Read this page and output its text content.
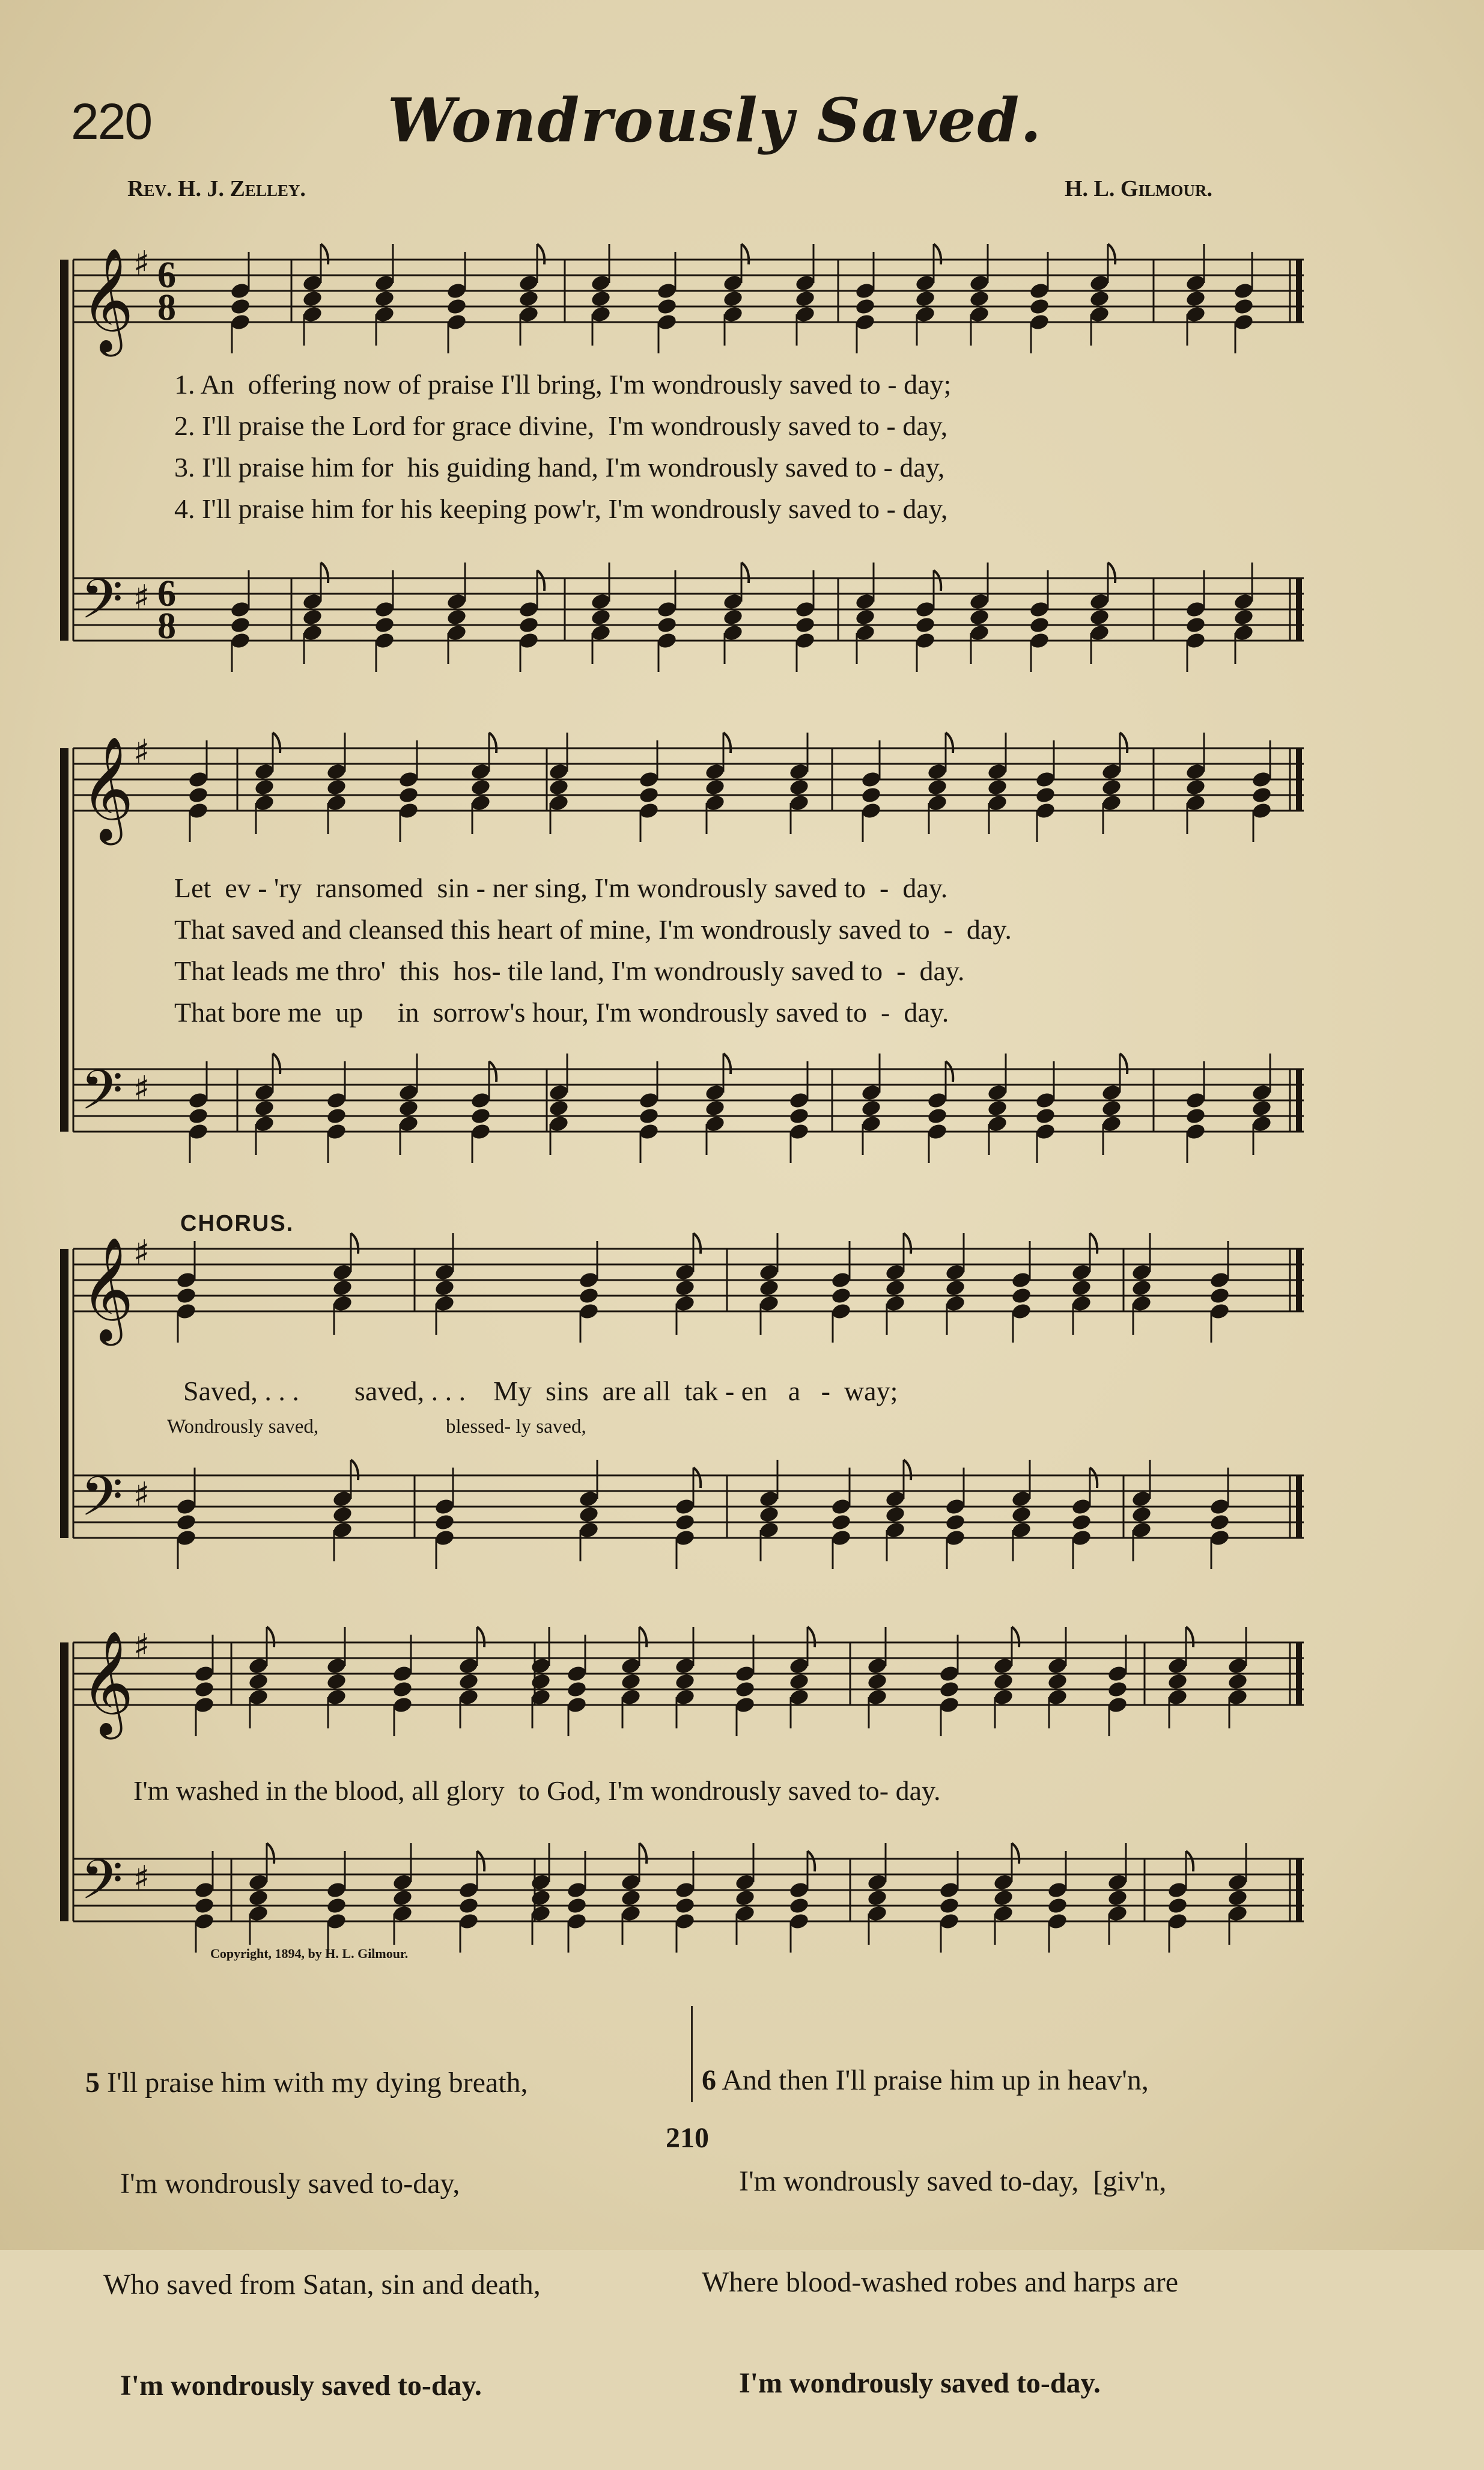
220	Wondrously Saved.
Rev. H. J. Zelley.	H. L. Gilmour.
𝄞 ♯ 6
8
𝄢 ♯ 6
8
1. An  offering now of praise I'll bring, I'm wondrously saved to - day;
2. I'll praise the Lord for grace divine,  I'm wondrously saved to - day,
3. I'll praise him for  his guiding hand, I'm wondrously saved to - day,
4. I'll praise him for his keeping pow'r, I'm wondrously saved to - day,
𝄞 ♯
𝄢 ♯
Let  ev - 'ry  ransomed  sin - ner sing, I'm wondrously saved to  -  day.
That saved and cleansed this heart of mine, I'm wondrously saved to  -  day.
That leads me thro'  this  hos- tile land, I'm wondrously saved to  -  day.
That bore me  up     in  sorrow's hour, I'm wondrously saved to  -  day.
CHORUS.
𝄞 ♯
𝄢 ♯
Saved, . . .        saved, . . .    My  sins  are all  tak - en   a   -  way;
Wondrously saved,	blessed- ly saved,
𝄞 ♯
𝄢 ♯
I'm washed in the blood, all glory  to God, I'm wondrously saved to- day.
Copyright, 1894, by H. L. Gilmour.

5 I'll praise him with my dying breath,

I'm wondrously saved to-day,

Who saved from Satan, sin and death,

I'm wondrously saved to-day.

6 And then I'll praise him up in heav'n,

I'm wondrously saved to-day,  [giv'n,

Where blood-washed robes and harps are

I'm wondrously saved to-day.

210
